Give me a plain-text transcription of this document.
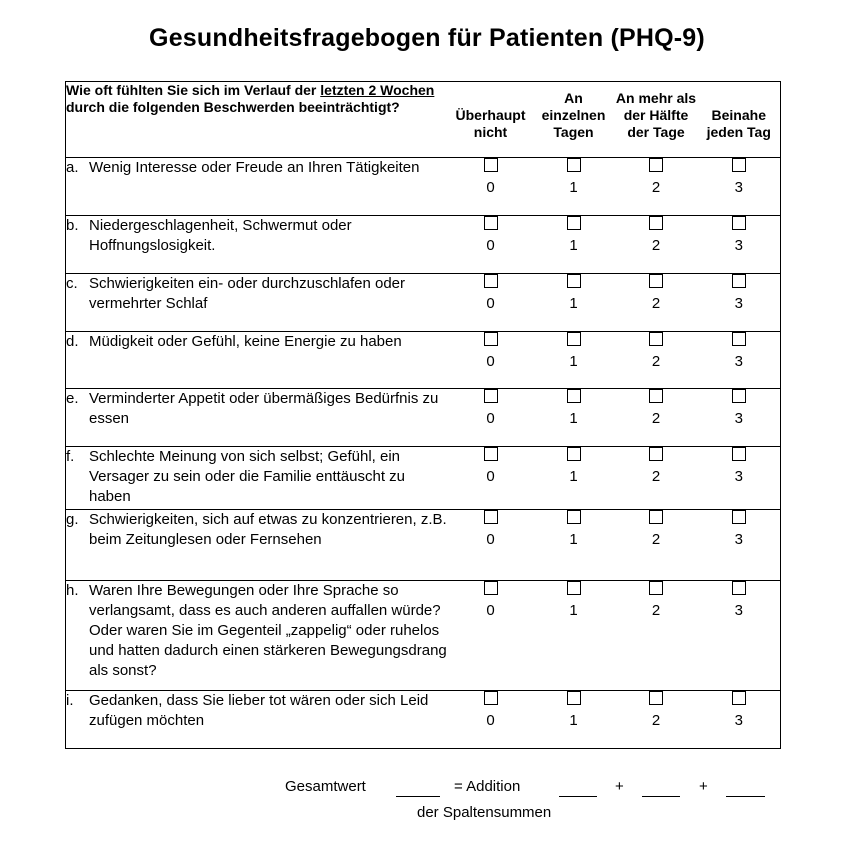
Gesundheitsfragebogen für Patienten (PHQ-9)
Wie oft fühlten Sie sich im Verlauf der letzten 2 Wochen durch die folgenden Beschwerden beeinträchtigt?	Überhaupt nicht	An einzelnen Tagen	An mehr als der Hälfte der Tage	Beinahe jeden Tag

a. Wenig Interesse oder Freude an Ihren Tätigkeiten	0	1	2	3

b. Niedergeschlagenheit, Schwermut oder Hoffnungslosigkeit.	0	1	2	3

c. Schwierigkeiten ein- oder durchzuschlafen oder vermehrter Schlaf	0	1	2	3

d. Müdigkeit oder Gefühl, keine Energie zu haben	0	1	2	3

e. Verminderter Appetit oder übermäßiges Bedürfnis zu essen	0	1	2	3

f. Schlechte Meinung von sich selbst; Gefühl, ein Versager zu sein oder die Familie enttäuscht zu haben	0	1	2	3

g. Schwierigkeiten, sich auf etwas zu konzentrieren, z.B. beim Zeitunglesen oder Fernsehen	0	1	2	3

h. Waren Ihre Bewegungen oder Ihre Sprache so verlangsamt, dass es auch anderen auffallen würde? Oder waren Sie im Gegenteil „zappelig“ oder ruhelos und hatten dadurch einen stärkeren Bewegungsdrang als sonst?	0	1	2	3

i. Gedanken, dass Sie lieber tot wären oder sich Leid zufügen möchten	0	1	2	3
Gesamtwert	= Addition	+	+
der Spaltensummen
